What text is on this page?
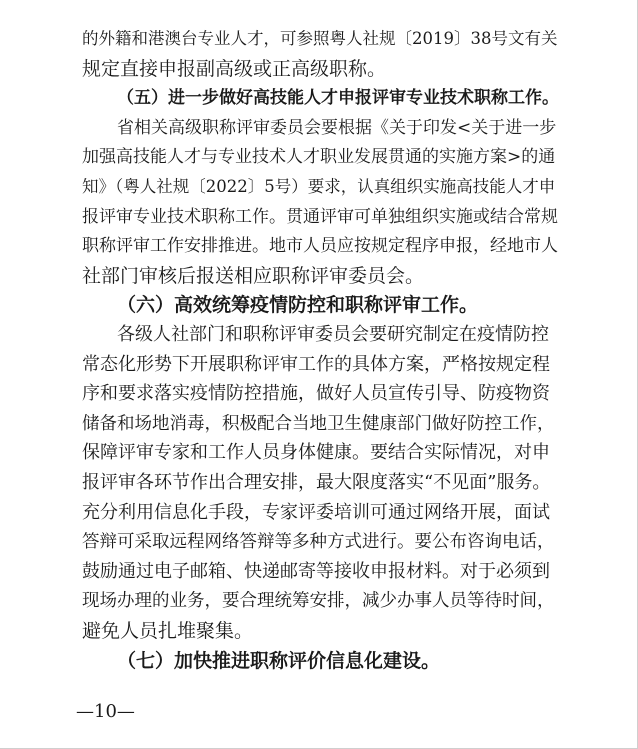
的外籍和港澳台专业人才，可参照粤人社规〔2019〕38号文有关
规定直接申报副高级或正高级职称。
（五）进一步做好高技能人才申报评审专业技术职称工作。
省相关高级职称评审委员会要根据《关于印发<关于进一步
加强高技能人才与专业技术人才职业发展贯通的实施方案>的通
知》（粤人社规〔2022〕5号）要求，认真组织实施高技能人才申
报评审专业技术职称工作。贯通评审可单独组织实施或结合常规
职称评审工作安排推进。地市人员应按规定程序申报，经地市人
社部门审核后报送相应职称评审委员会。
（六）高效统筹疫情防控和职称评审工作。
各级人社部门和职称评审委员会要研究制定在疫情防控
常态化形势下开展职称评审工作的具体方案，严格按规定程
序和要求落实疫情防控措施，做好人员宣传引导、防疫物资
储备和场地消毒，积极配合当地卫生健康部门做好防控工作，
保障评审专家和工作人员身体健康。要结合实际情况，对申
报评审各环节作出合理安排，最大限度落实“不见面”服务。
充分利用信息化手段，专家评委培训可通过网络开展，面试
答辩可采取远程网络答辩等多种方式进行。要公布咨询电话，
鼓励通过电子邮箱、快递邮寄等接收申报材料。对于必须到
现场办理的业务，要合理统筹安排，减少办事人员等待时间，
避免人员扎堆聚集。
（七）加快推进职称评价信息化建设。
—10—
